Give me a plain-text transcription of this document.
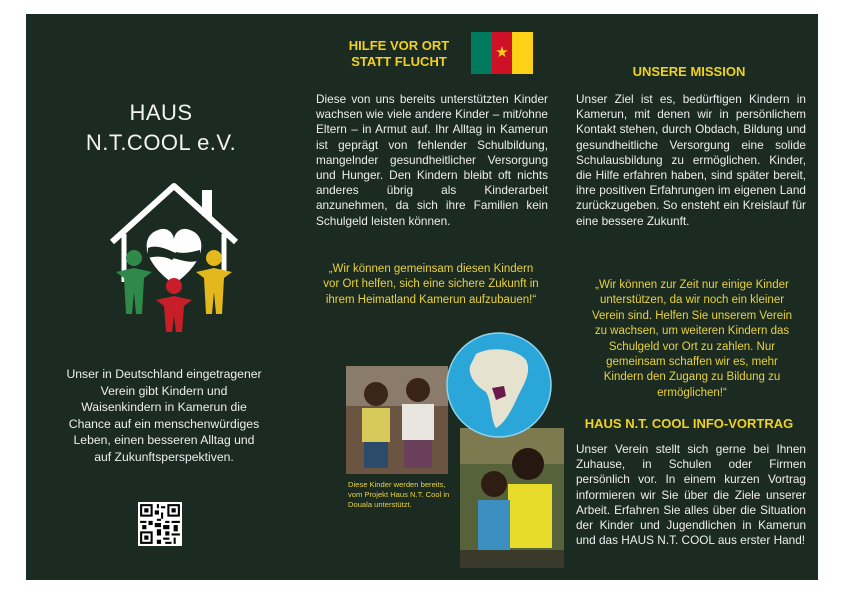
HAUS
N.T.COOL e.V.
Unser in Deutschland eingetragener Verein gibt Kindern und Waisenkindern in Kamerun die Chance auf ein menschenwürdiges Leben, einen besseren Alltag und auf Zukunftsperspektiven.
HILFE VOR ORT STATT FLUCHT
★
Diese von uns bereits unterstützten Kinder wachsen wie viele andere Kinder – mit/ohne Eltern – in Armut auf. Ihr Alltag in Kamerun ist geprägt von fehlender Schulbildung, mangelnder gesundheitlicher Versorgung und Hunger. Den Kindern bleibt oft nichts anderes übrig als Kinderarbeit anzunehmen, da sich ihre Familien kein Schulgeld leisten können.
„Wir können gemeinsam diesen Kindern vor Ort helfen, sich eine sichere Zukunft in ihrem Heimatland Kamerun aufzubauen!“
Diese Kinder werden bereits, vom Projekt Haus N.T. Cool in Douala unterstützt.
UNSERE MISSION
Unser Ziel ist es, bedürftigen Kindern in Kamerun, mit denen wir in persönlichem Kontakt stehen, durch Obdach, Bildung und gesundheitliche Versorgung eine solide Schulausbildung zu ermöglichen. Kinder, die Hilfe erfahren haben, sind später bereit, ihre positiven Erfahrungen im eigenen Land zurückzugeben. So ensteht ein Kreislauf für eine bessere Zukunft.
„Wir können zur Zeit nur einige Kinder unterstützen, da wir noch ein kleiner Verein sind. Helfen Sie unserem Verein zu wachsen, um weiteren Kindern das Schulgeld vor Ort zu zahlen. Nur gemeinsam schaffen wir es, mehr Kindern den Zugang zu Bildung zu ermöglichen!“
HAUS N.T. COOL INFO-VORTRAG
Unser Verein stellt sich gerne bei Ihnen Zuhause, in Schulen oder Firmen persönlich vor. In einem kurzen Vortrag informieren wir Sie über die Ziele unserer Arbeit. Erfahren Sie alles über die Situation der Kinder und Jugendlichen in Kamerun und das HAUS N.T. COOL aus erster Hand!
